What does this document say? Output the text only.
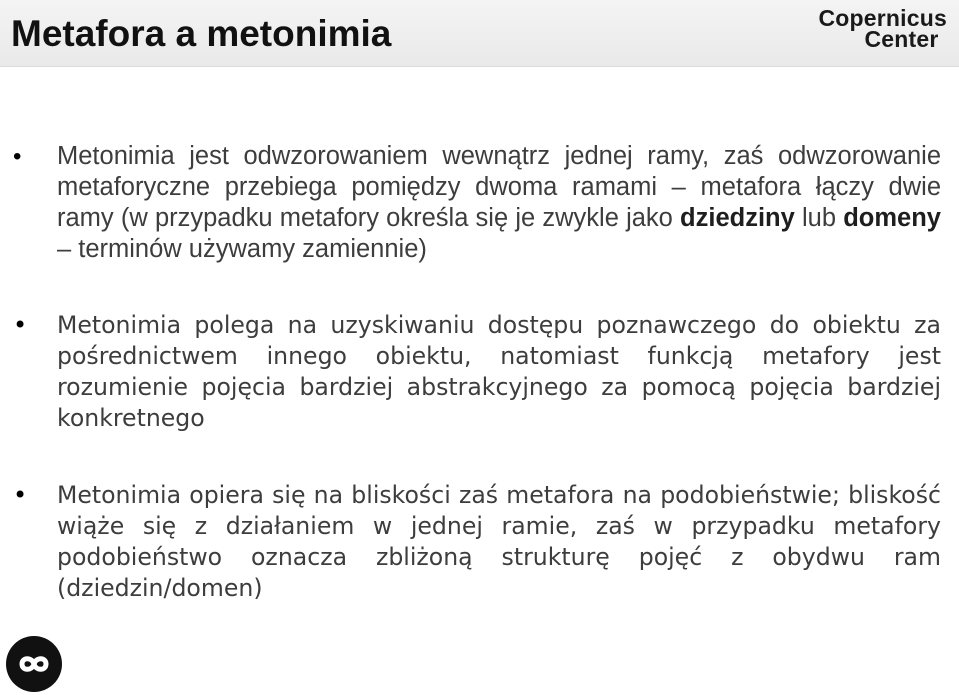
Metafora a metonimia	Copernicus
Center
• Metonimia jest odwzorowaniem wewnątrz jednej ramy, zaś odwzorowanie metaforyczne przebiega pomiędzy dwoma ramami – metafora łączy dwie ramy (w przypadku metafory określa się je zwykle jako dziedziny lub domeny – terminów używamy zamiennie)
• Metonimia polega na uzyskiwaniu dostępu poznawczego do obiektu za pośrednictwem innego obiektu, natomiast funkcją metafory jest rozumienie pojęcia bardziej abstrakcyjnego za pomocą pojęcia bardziej konkretnego
• Metonimia opiera się na bliskości zaś metafora na podobieństwie; bliskość wiąże się z działaniem w jednej ramie, zaś w przypadku metafory podobieństwo oznacza zbliżoną strukturę pojęć z obydwu ram (dziedzin/domen)
